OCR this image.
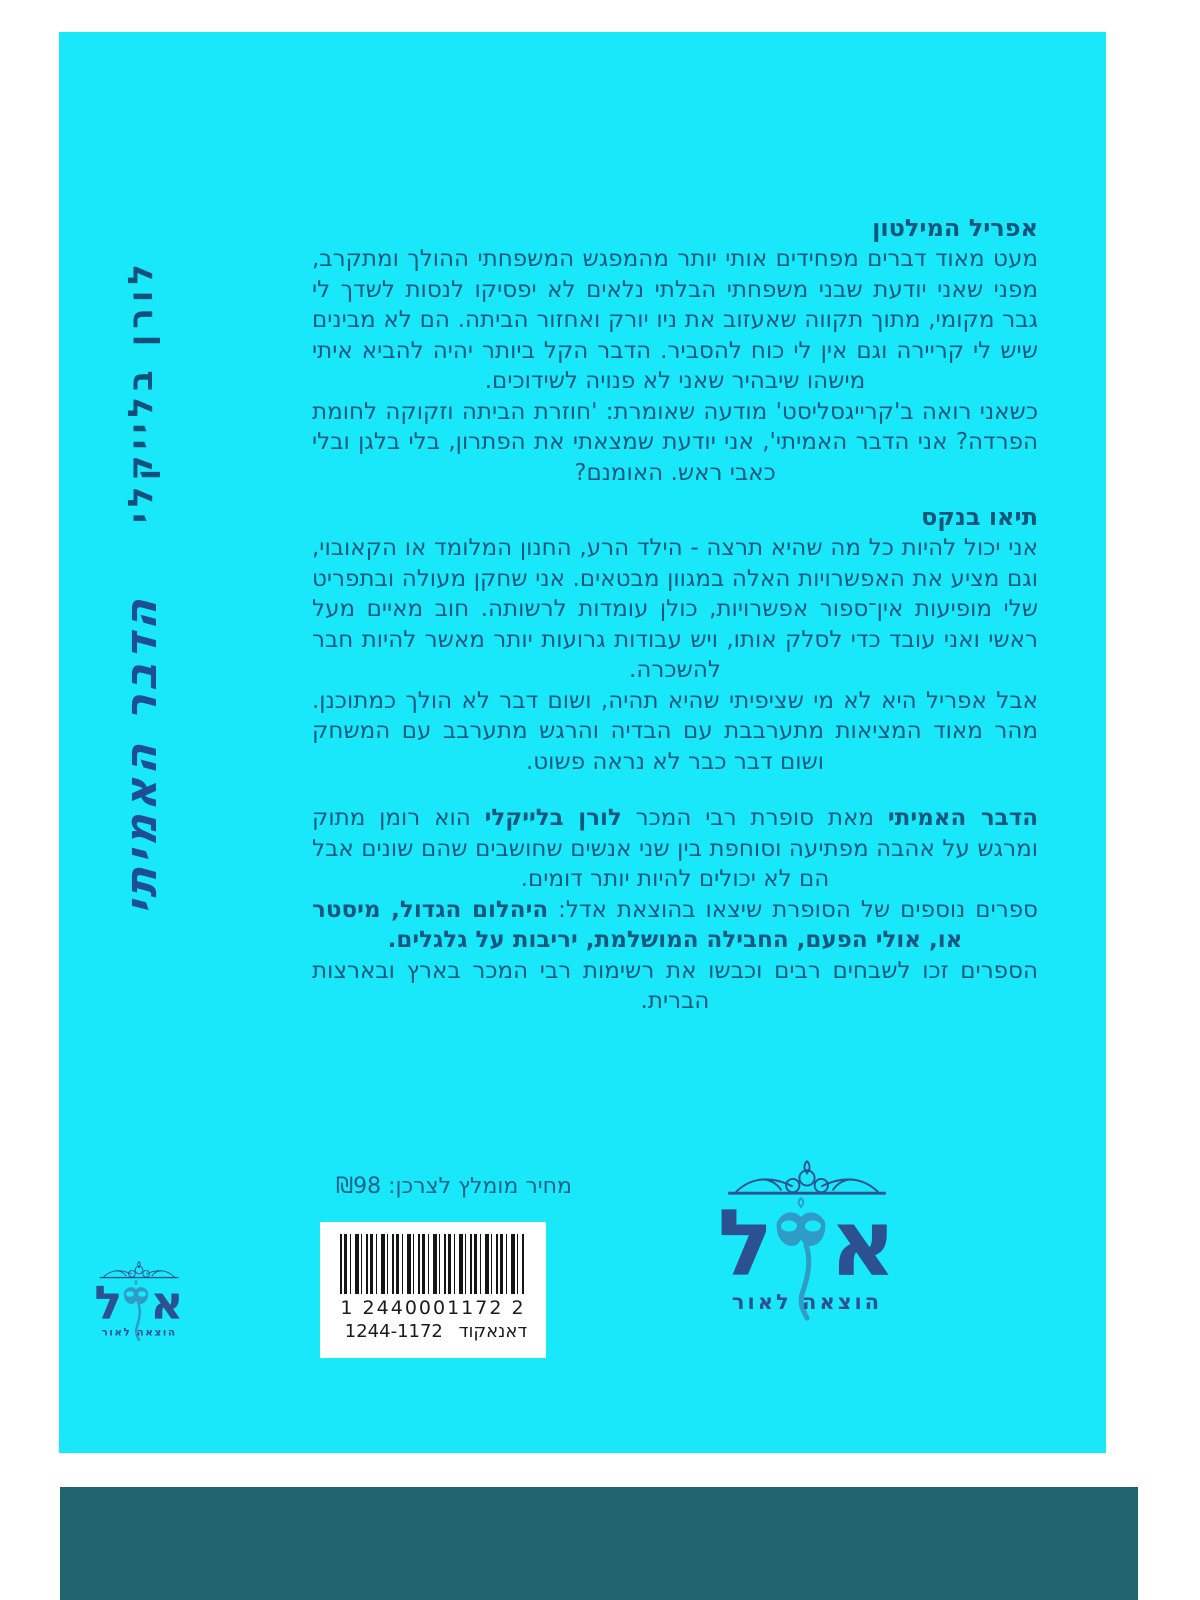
לורן בלייקלי
הדבר האמיתי
אפריל המילטון

מעט מאוד דברים מפחידים אותי יותר מהמפגש המשפחתי ההולך ומתקרב, מפני שאני יודעת שבני משפחתי הבלתי נלאים לא יפסיקו לנסות לשדך לי גבר מקומי, מתוך תקווה שאעזוב את ניו יורק ואחזור הביתה. הם לא מבינים שיש לי קריירה וגם אין לי כוח להסביר. הדבר הקל ביותר יהיה להביא איתי מישהו שיבהיר שאני לא פנויה לשידוכים.

כשאני רואה ב'קרייגסליסט' מודעה שאומרת: 'חוזרת הביתה וזקוקה לחומת הפרדה? אני הדבר האמיתי', אני יודעת שמצאתי את הפתרון, בלי בלגן ובלי כאבי ראש. האומנם?

תיאו בנקס

אני יכול להיות כל מה שהיא תרצה - הילד הרע, החנון המלומד או הקאובוי, וגם מציע את האפשרויות האלה במגוון מבטאים. אני שחקן מעולה ובתפריט שלי מופיעות אין־ספור אפשרויות, כולן עומדות לרשותה. חוב מאיים מעל ראשי ואני עובד כדי לסלק אותו, ויש עבודות גרועות יותר מאשר להיות חבר להשכרה.

אבל אפריל היא לא מי שציפיתי שהיא תהיה, ושום דבר לא הולך כמתוכנן. מהר מאוד המציאות מתערבבת עם הבדיה והרגש מתערבב עם המשחק ושום דבר כבר לא נראה פשוט.

הדבר האמיתי מאת סופרת רבי המכר לורן בלייקלי הוא רומן מתוק ומרגש על אהבה מפתיעה וסוחפת בין שני אנשים שחושבים שהם שונים אבל הם לא יכולים להיות יותר דומים.

ספרים נוספים של הסופרת שיצאו בהוצאת אדל: היהלום הגדול, מיסטר או, אולי הפעם, החבילה המושלמת, יריבות על גלגלים.

הספרים זכו לשבחים רבים וכבשו את רשימות רבי המכר בארץ ובארצות הברית.

מחיר מומלץ לצרכן: ₪98
1 2440001172 2
דאנאקוד 1244-1172
ל א
הוצאה לאור
ל א
הוצאה לאור
